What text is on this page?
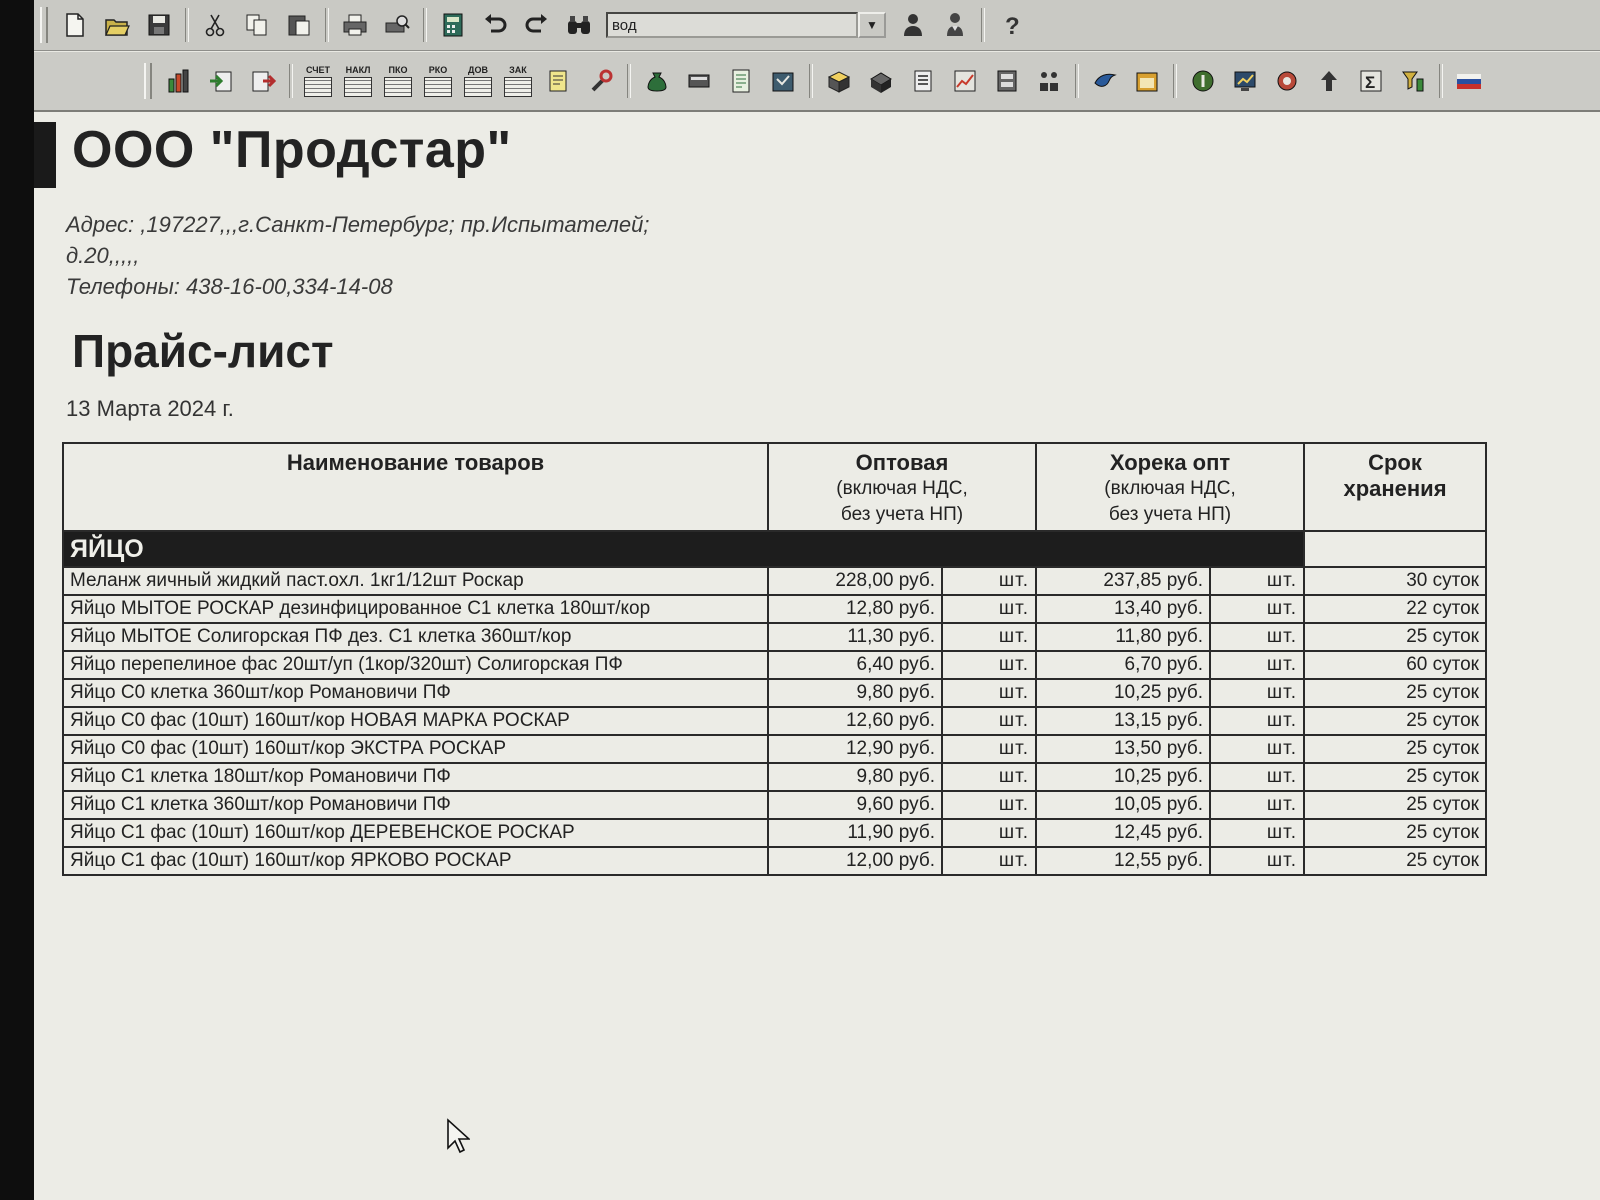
вод
▼	?
СЧЕТ НАКЛ ПКО РКО ДОВ ЗАК
Σ
ООО "Продстар"
Адрес: ,197227,,,г.Санкт-Петербург; пр.Испытателей;
д.20,,,,,
Телефоны: 438-16-00,334-14-08
Прайс-лист
13 Марта 2024 г.
Наименование товаров	Оптовая
(включая НДС,
без учета НП)		Хорека опт
(включая НДС,
без учета НП)		Срок
хранения

ЯЙЦО					
Меланж яичный жидкий паст.охл. 1кг1/12шт Роскар	228,00 руб.	шт.	237,85 руб.	шт.	30 суток
Яйцо МЫТОЕ РОСКАР дезинфицированное С1 клетка 180шт/кор	12,80 руб.	шт.	13,40 руб.	шт.	22 суток
Яйцо МЫТОЕ Солигорская ПФ дез. С1 клетка 360шт/кор	11,30 руб.	шт.	11,80 руб.	шт.	25 суток
Яйцо перепелиное фас 20шт/уп (1кор/320шт) Солигорская ПФ	6,40 руб.	шт.	6,70 руб.	шт.	60 суток
Яйцо С0 клетка 360шт/кор Романовичи ПФ	9,80 руб.	шт.	10,25 руб.	шт.	25 суток
Яйцо С0 фас (10шт) 160шт/кор НОВАЯ МАРКА РОСКАР	12,60 руб.	шт.	13,15 руб.	шт.	25 суток
Яйцо С0 фас (10шт) 160шт/кор ЭКСТРА РОСКАР	12,90 руб.	шт.	13,50 руб.	шт.	25 суток
Яйцо С1 клетка 180шт/кор Романовичи ПФ	9,80 руб.	шт.	10,25 руб.	шт.	25 суток
Яйцо С1 клетка 360шт/кор Романовичи ПФ	9,60 руб.	шт.	10,05 руб.	шт.	25 суток
Яйцо С1 фас (10шт) 160шт/кор ДЕРЕВЕНСКОЕ РОСКАР	11,90 руб.	шт.	12,45 руб.	шт.	25 суток
Яйцо С1 фас (10шт) 160шт/кор ЯРКОВО РОСКАР	12,00 руб.	шт.	12,55 руб.	шт.	25 суток
